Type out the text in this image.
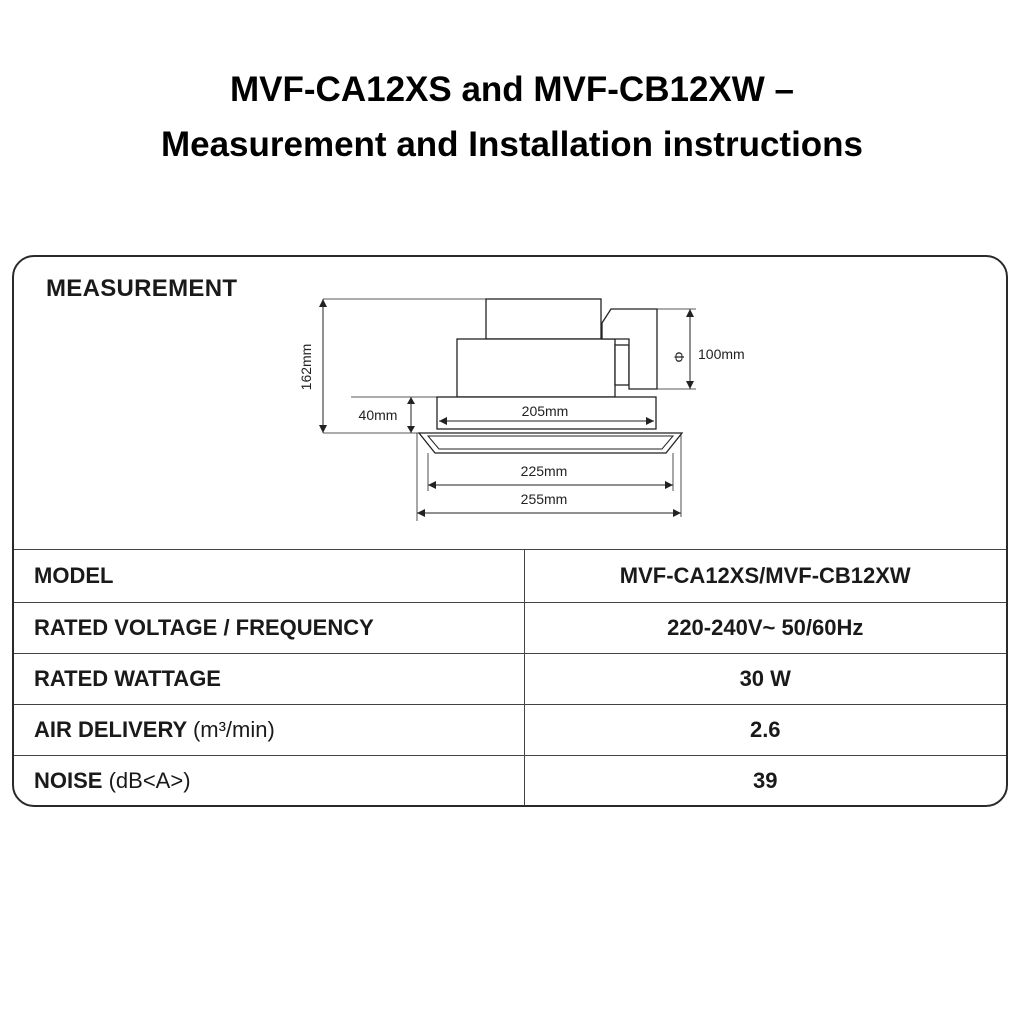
MVF-CA12XS and MVF-CB12XW –
Measurement and Installation instructions
MEASUREMENT
162mm
40mm	205mm
225mm
255mm
Φ 100mm
MODEL	MVF-CA12XS/MVF-CB12XW
RATED VOLTAGE / FREQUENCY	220-240V~ 50/60Hz
RATED WATTAGE	30 W
AIR DELIVERY (m³/min)	2.6
NOISE (dB<A>)	39
